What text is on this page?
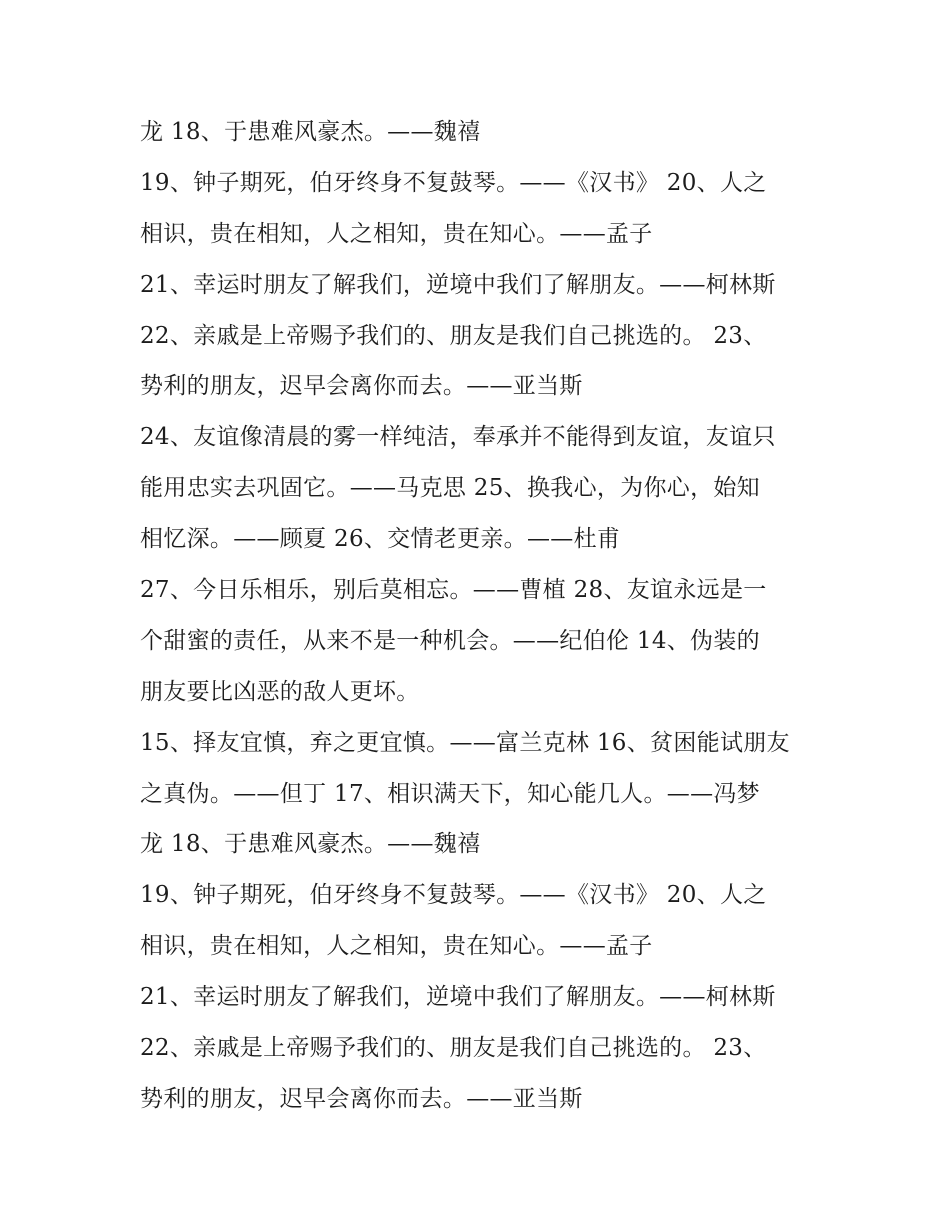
龙 18、于患难风豪杰。——魏禧
19、钟子期死，伯牙终身不复鼓琴。——《汉书》 20、人之
相识，贵在相知，人之相知，贵在知心。——孟子
21、幸运时朋友了解我们，逆境中我们了解朋友。——柯林斯
22、亲戚是上帝赐予我们的、朋友是我们自己挑选的。 23、
势利的朋友，迟早会离你而去。——亚当斯
24、友谊像清晨的雾一样纯洁，奉承并不能得到友谊，友谊只
能用忠实去巩固它。——马克思 25、换我心，为你心，始知
相忆深。——顾夏 26、交情老更亲。——杜甫
27、今日乐相乐，别后莫相忘。——曹植 28、友谊永远是一
个甜蜜的责任，从来不是一种机会。——纪伯伦 14、伪装的
朋友要比凶恶的敌人更坏。
15、择友宜慎，弃之更宜慎。——富兰克林 16、贫困能试朋友
之真伪。——但丁 17、相识满天下，知心能几人。——冯梦
龙 18、于患难风豪杰。——魏禧
19、钟子期死，伯牙终身不复鼓琴。——《汉书》 20、人之
相识，贵在相知，人之相知，贵在知心。——孟子
21、幸运时朋友了解我们，逆境中我们了解朋友。——柯林斯
22、亲戚是上帝赐予我们的、朋友是我们自己挑选的。 23、
势利的朋友，迟早会离你而去。——亚当斯
